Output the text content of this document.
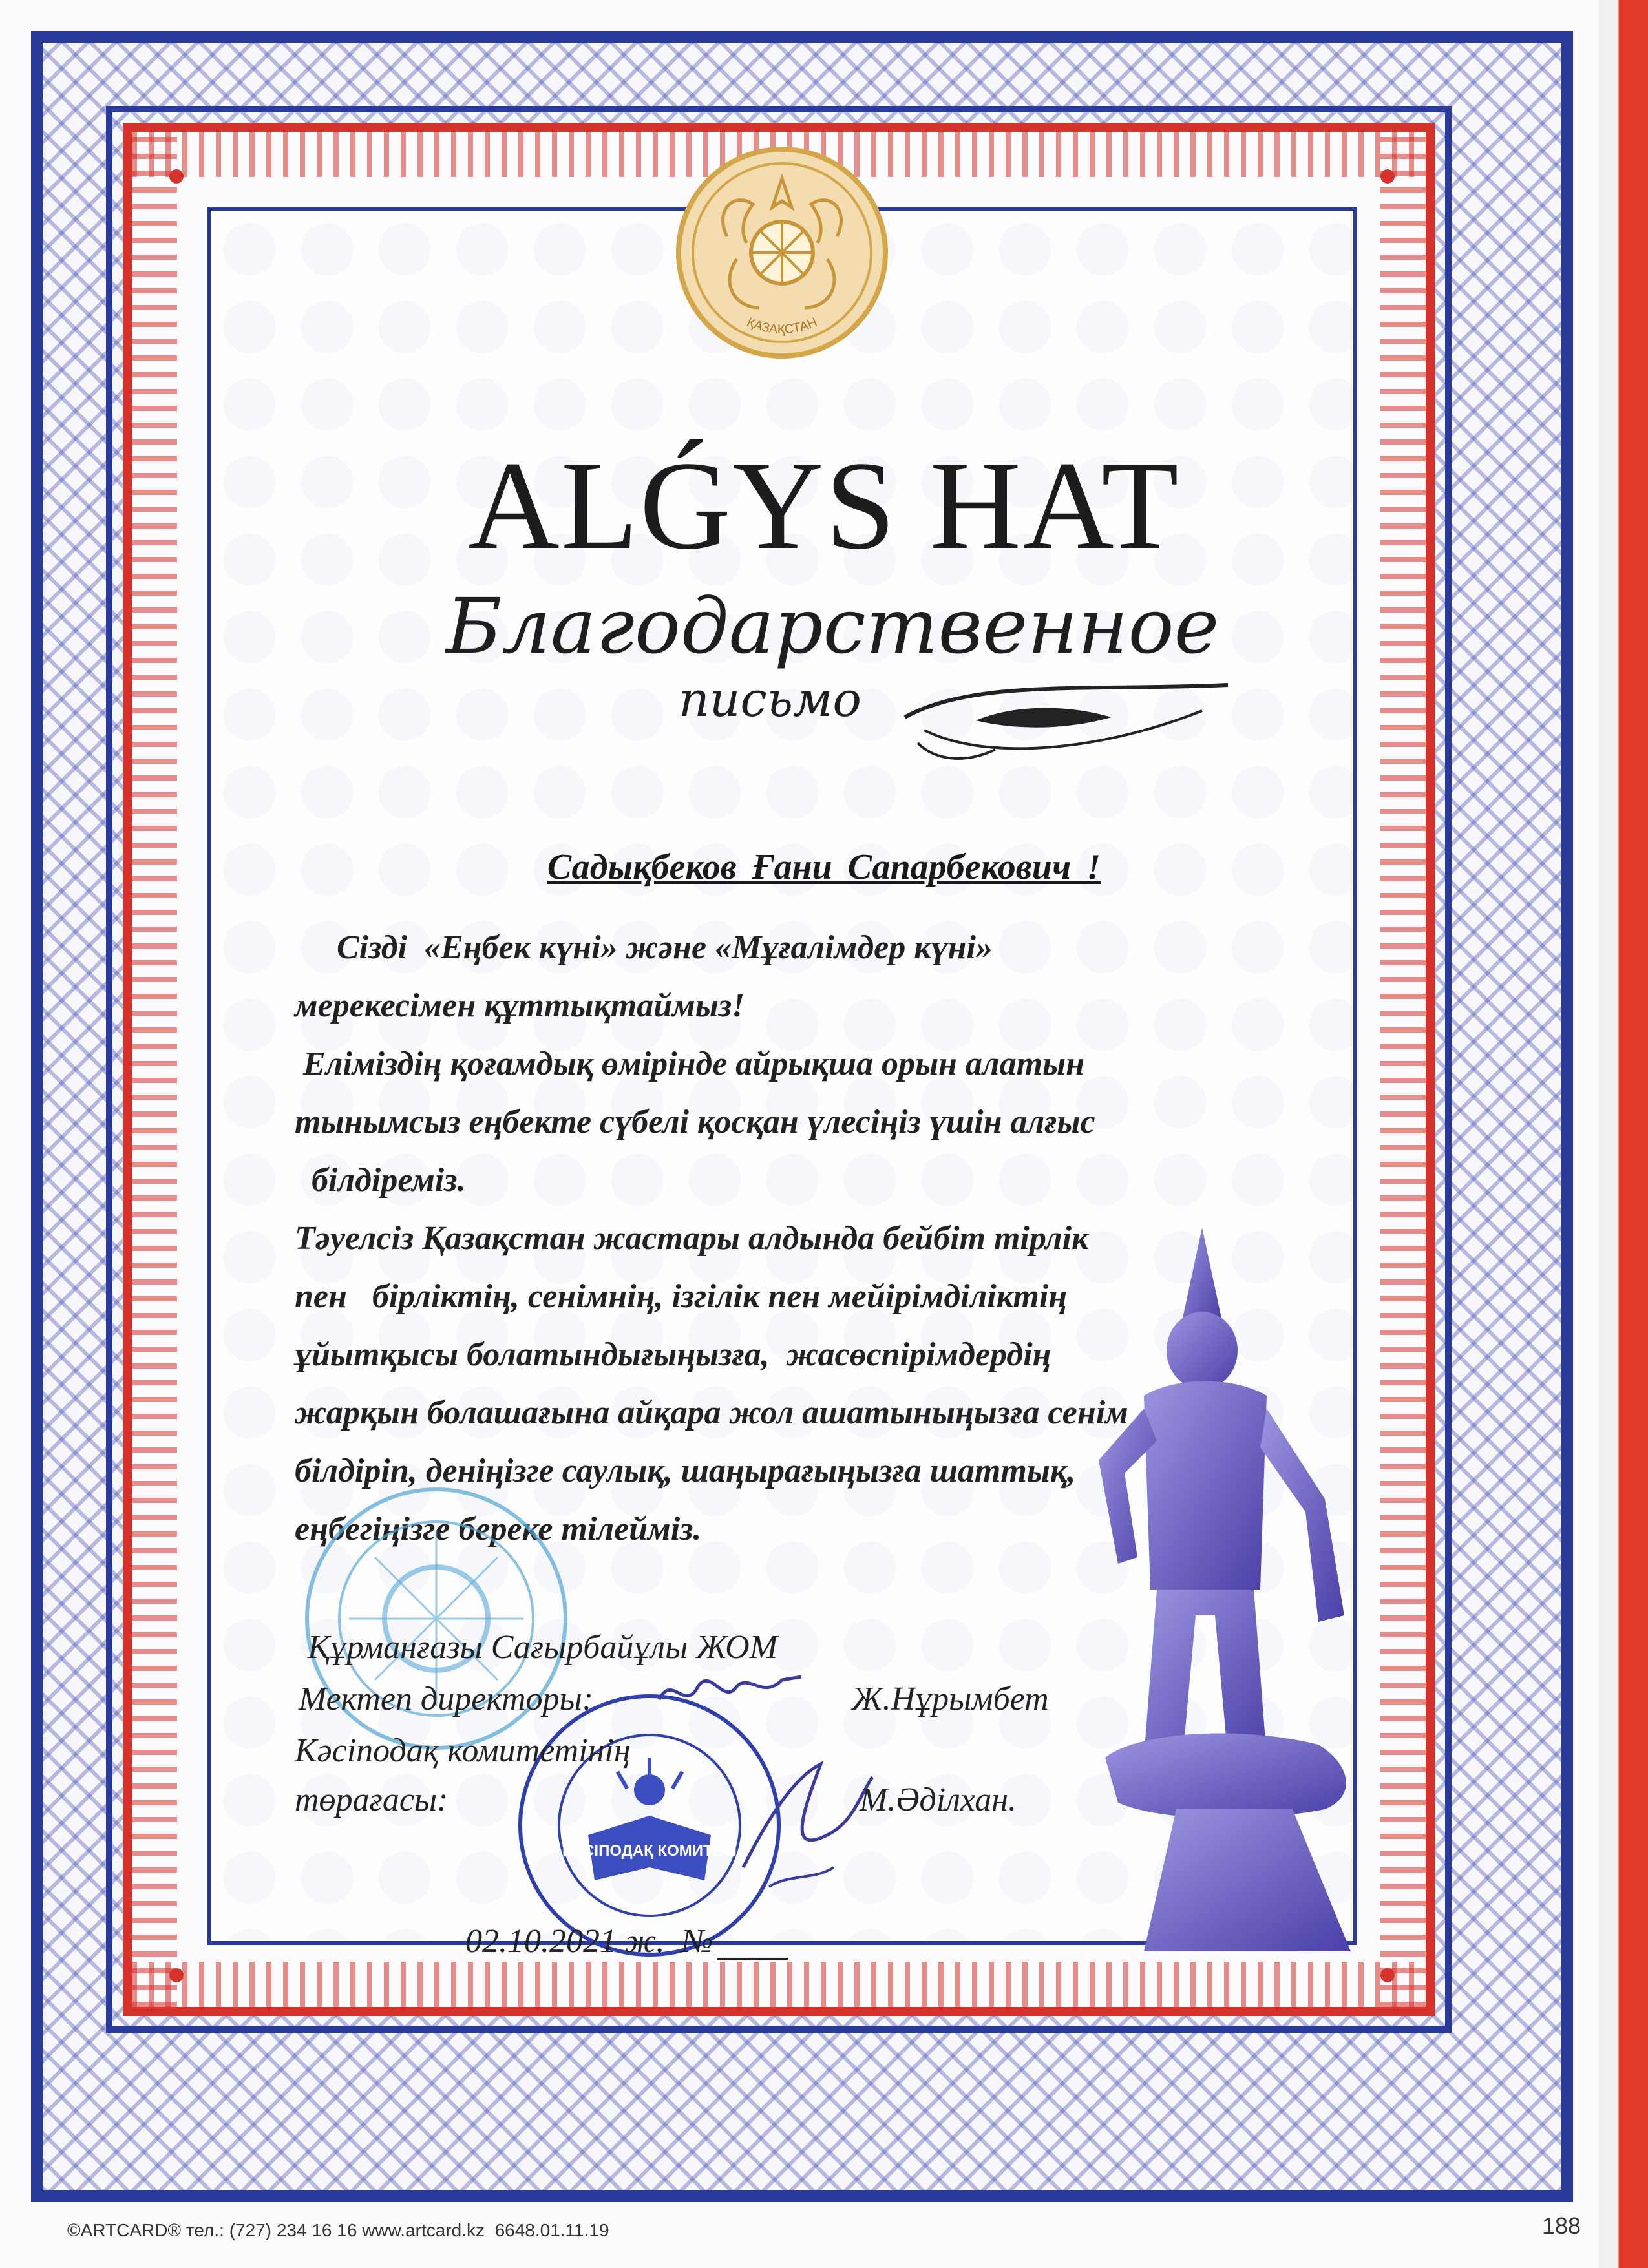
ҚАЗАҚСТАН
ALǴYS HAT
Благодарственное
письмо
Садықбеков Ғани Сапарбекович !
Сізді  «Еңбек күні» және «Мұғалімдер күні»
мерекесімен құттықтаймыз!
Еліміздің қоғамдық өмірінде айрықша орын алатын
тынымсыз еңбекте сүбелі қосқан үлесіңіз үшін алғыс
білдіреміз.
Тәуелсіз Қазақстан жастары алдында бейбіт тірлік
пен   бірліктің, сенімнің, ізгілік пен мейірімділіктің
ұйытқысы болатындығыңызға,  жасөспірімдердің
жарқын болашағына айқара жол ашатыныңызға сенім
білдіріп, деніңізге саулық, шаңырағыңызға шаттық,
еңбегіңізге береке тілейміз.
КӘСІПОДАҚ КОМИТЕТІ
Құрманғазы Сағырбайұлы ЖОМ
Мектеп директоры:	Ж.Нұрымбет
Кәсіподақ комитетінің
төрағасы:	М.Әділхан.
02.10.2021 ж. №
©ARTCARD® тел.: (727) 234 16 16 www.artcard.kz  6648.01.11.19	188
